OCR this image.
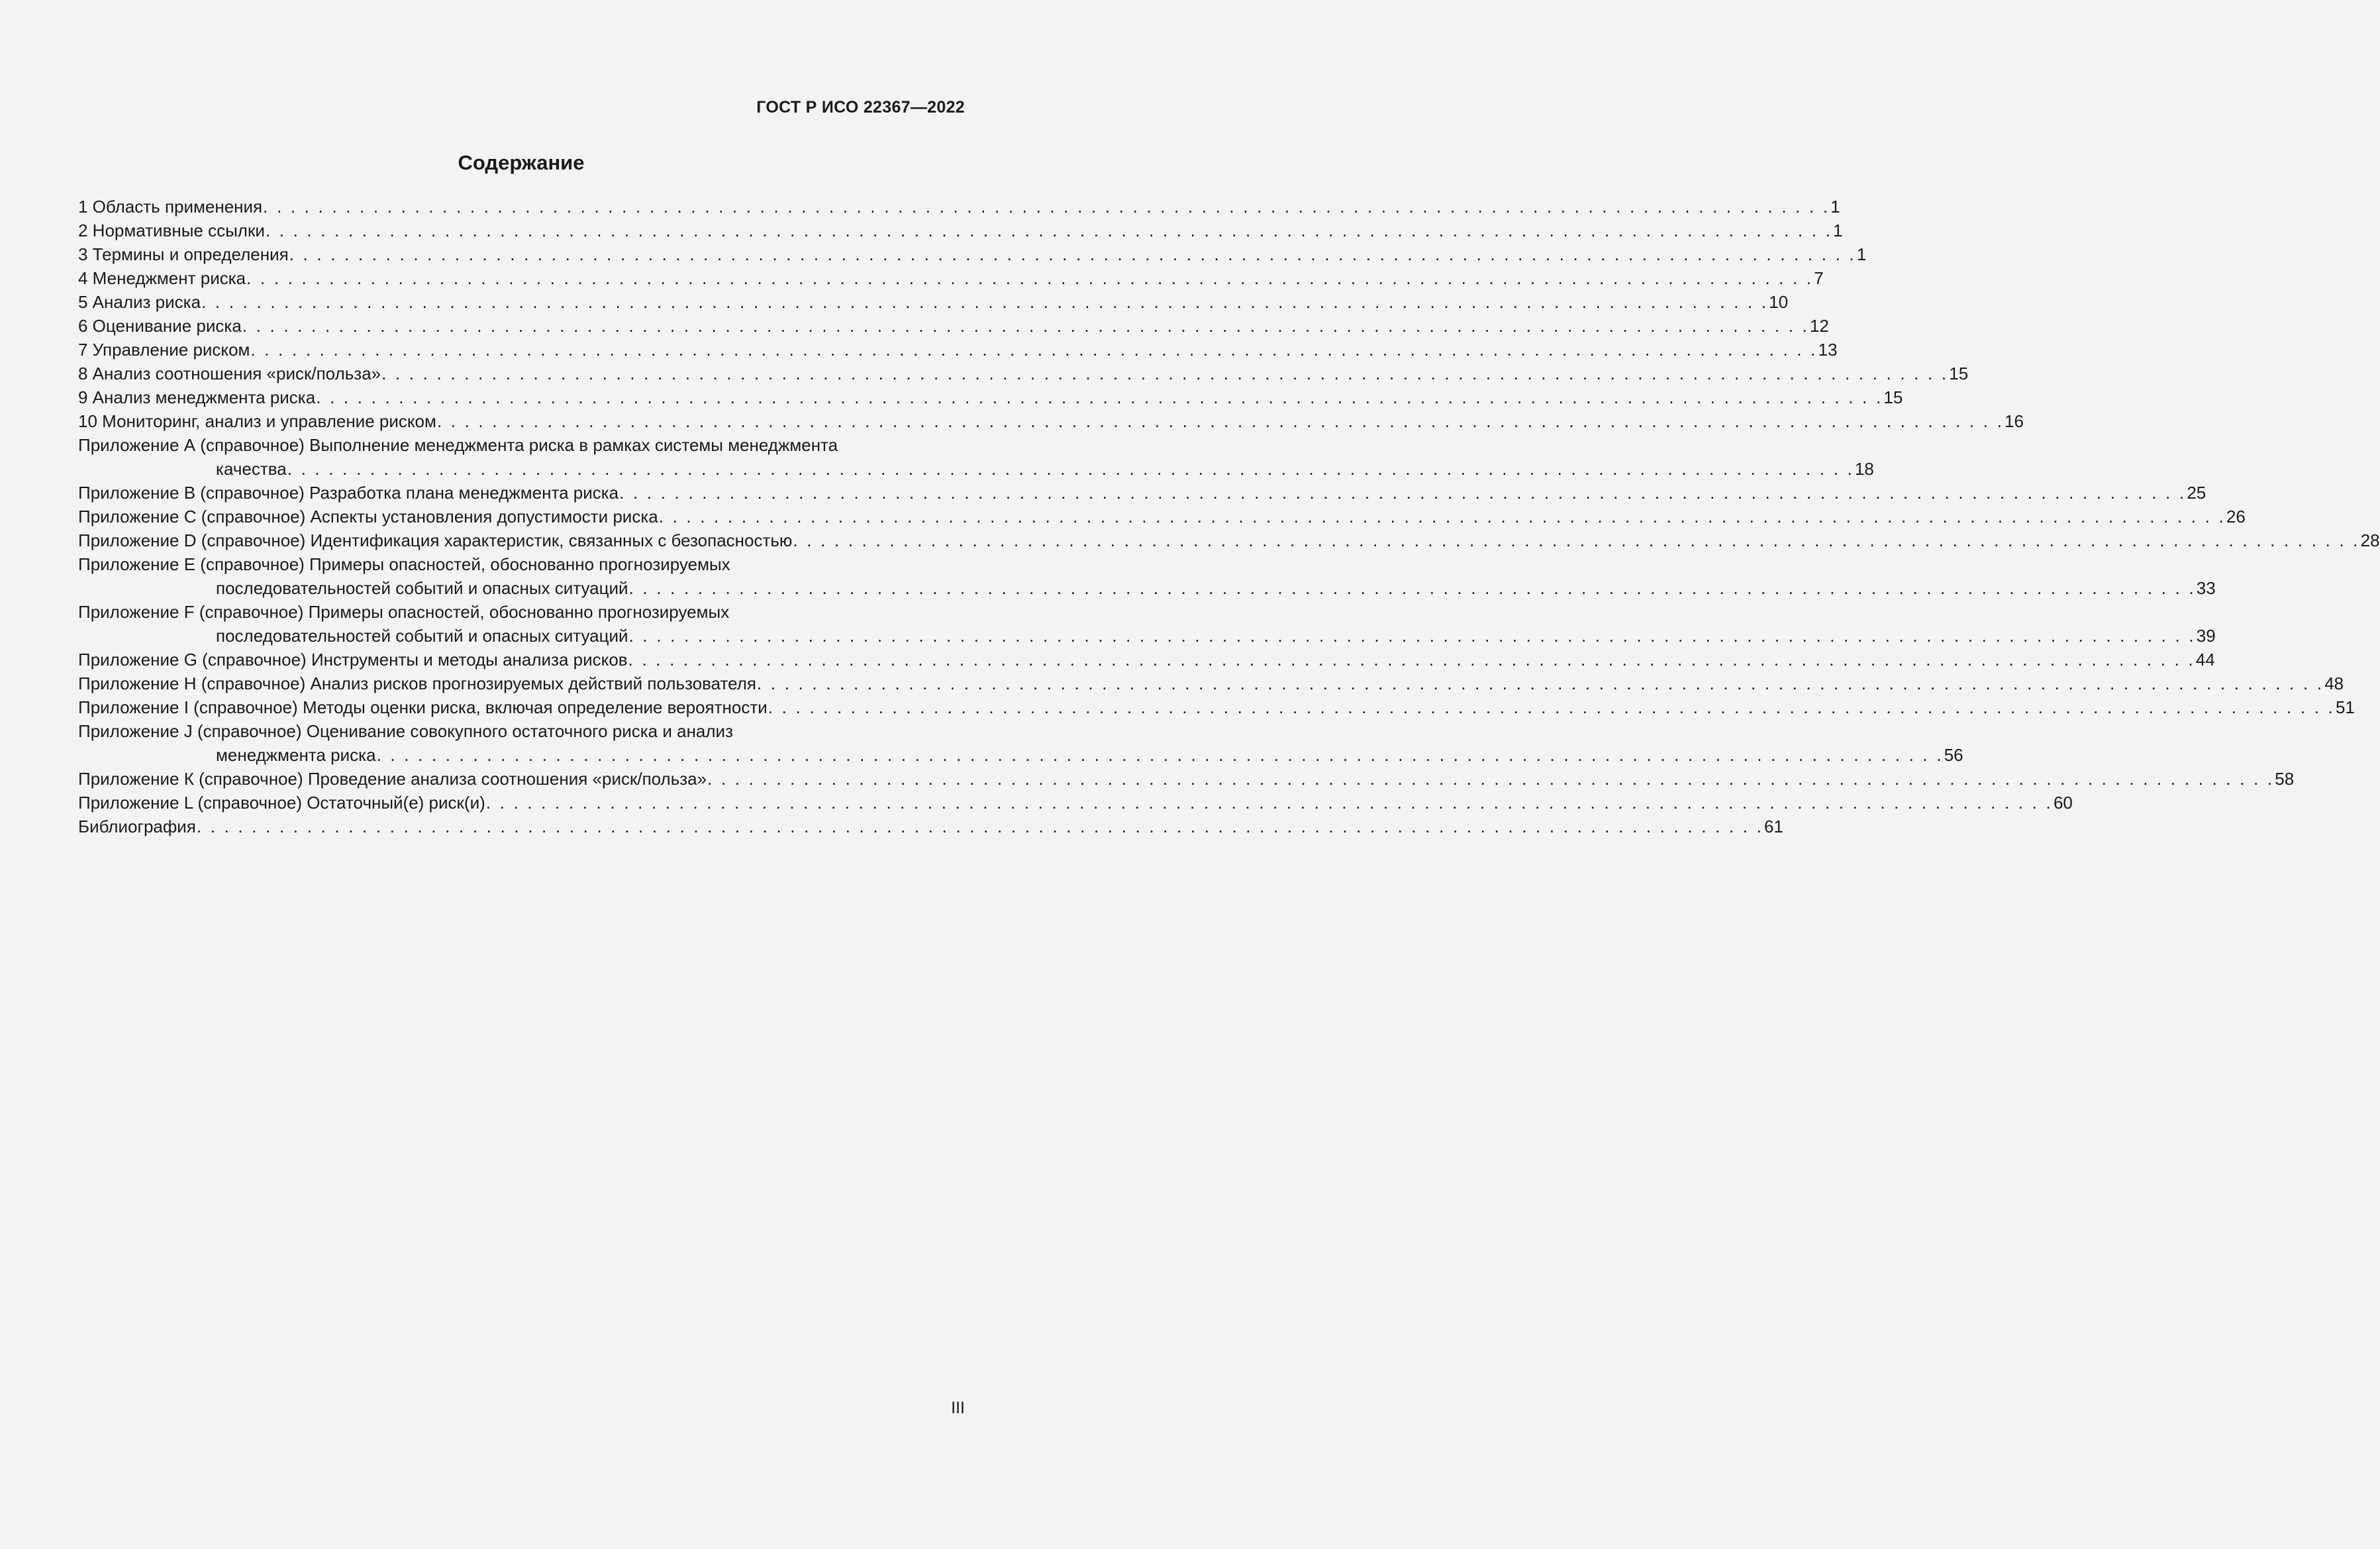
ГОСТ Р ИСО 22367—2022
Содержание
1 Область применения . . . . . . . . . . . . . . . . . . . . . . . . . . . . . . . . . . . . . . . . . . . . . . . . . . . . . . . . . . . . . . . . . . . . . . . . . . . . . . . . . . . . . . . . . . . . . . . . . . . . . . . . . . . . . . . . . . 1
2 Нормативные ссылки . . . . . . . . . . . . . . . . . . . . . . . . . . . . . . . . . . . . . . . . . . . . . . . . . . . . . . . . . . . . . . . . . . . . . . . . . . . . . . . . . . . . . . . . . . . . . . . . . . . . . . . . . . . . . . . . . . 1
3 Термины и определения . . . . . . . . . . . . . . . . . . . . . . . . . . . . . . . . . . . . . . . . . . . . . . . . . . . . . . . . . . . . . . . . . . . . . . . . . . . . . . . . . . . . . . . . . . . . . . . . . . . . . . . . . . . . . . . . . . 1
4 Менеджмент риска . . . . . . . . . . . . . . . . . . . . . . . . . . . . . . . . . . . . . . . . . . . . . . . . . . . . . . . . . . . . . . . . . . . . . . . . . . . . . . . . . . . . . . . . . . . . . . . . . . . . . . . . . . . . . . . . . . 7
5 Анализ риска . . . . . . . . . . . . . . . . . . . . . . . . . . . . . . . . . . . . . . . . . . . . . . . . . . . . . . . . . . . . . . . . . . . . . . . . . . . . . . . . . . . . . . . . . . . . . . . . . . . . . . . . . . . . . . . . . . 10
6 Оценивание риска . . . . . . . . . . . . . . . . . . . . . . . . . . . . . . . . . . . . . . . . . . . . . . . . . . . . . . . . . . . . . . . . . . . . . . . . . . . . . . . . . . . . . . . . . . . . . . . . . . . . . . . . . . . . . . . . . . 12
7 Управление риском . . . . . . . . . . . . . . . . . . . . . . . . . . . . . . . . . . . . . . . . . . . . . . . . . . . . . . . . . . . . . . . . . . . . . . . . . . . . . . . . . . . . . . . . . . . . . . . . . . . . . . . . . . . . . . . . . . 13
8 Анализ соотношения «риск/польза» . . . . . . . . . . . . . . . . . . . . . . . . . . . . . . . . . . . . . . . . . . . . . . . . . . . . . . . . . . . . . . . . . . . . . . . . . . . . . . . . . . . . . . . . . . . . . . . . . . . . . . . . . . . . . . . . . . 15
9 Анализ менеджмента риска . . . . . . . . . . . . . . . . . . . . . . . . . . . . . . . . . . . . . . . . . . . . . . . . . . . . . . . . . . . . . . . . . . . . . . . . . . . . . . . . . . . . . . . . . . . . . . . . . . . . . . . . . . . . . . . . . . 15
10 Мониторинг, анализ и управление риском . . . . . . . . . . . . . . . . . . . . . . . . . . . . . . . . . . . . . . . . . . . . . . . . . . . . . . . . . . . . . . . . . . . . . . . . . . . . . . . . . . . . . . . . . . . . . . . . . . . . . . . . . . . . . . . . . . 16
Приложение А (справочное) Выполнение менеджмента риска в рамках системы менеджмента
качества . . . . . . . . . . . . . . . . . . . . . . . . . . . . . . . . . . . . . . . . . . . . . . . . . . . . . . . . . . . . . . . . . . . . . . . . . . . . . . . . . . . . . . . . . . . . . . . . . . . . . . . . . . . . . . . . . . 18
Приложение В (справочное) Разработка плана менеджмента риска . . . . . . . . . . . . . . . . . . . . . . . . . . . . . . . . . . . . . . . . . . . . . . . . . . . . . . . . . . . . . . . . . . . . . . . . . . . . . . . . . . . . . . . . . . . . . . . . . . . . . . . . . . . . . . . . . . 25
Приложение С (справочное) Аспекты установления допустимости риска . . . . . . . . . . . . . . . . . . . . . . . . . . . . . . . . . . . . . . . . . . . . . . . . . . . . . . . . . . . . . . . . . . . . . . . . . . . . . . . . . . . . . . . . . . . . . . . . . . . . . . . . . . . . . . . . . . 26
Приложение D (справочное) Идентификация характеристик, связанных с безопасностью . . . . . . . . . . . . . . . . . . . . . . . . . . . . . . . . . . . . . . . . . . . . . . . . . . . . . . . . . . . . . . . . . . . . . . . . . . . . . . . . . . . . . . . . . . . . . . . . . . . . . . . . . . . . . . . . . . 28
Приложение E (справочное) Примеры опасностей, обоснованно прогнозируемых
последовательностей событий и опасных ситуаций . . . . . . . . . . . . . . . . . . . . . . . . . . . . . . . . . . . . . . . . . . . . . . . . . . . . . . . . . . . . . . . . . . . . . . . . . . . . . . . . . . . . . . . . . . . . . . . . . . . . . . . . . . . . . . . . . . 33
Приложение F (справочное) Примеры опасностей, обоснованно прогнозируемых
последовательностей событий и опасных ситуаций . . . . . . . . . . . . . . . . . . . . . . . . . . . . . . . . . . . . . . . . . . . . . . . . . . . . . . . . . . . . . . . . . . . . . . . . . . . . . . . . . . . . . . . . . . . . . . . . . . . . . . . . . . . . . . . . . . 39
Приложение G (справочное) Инструменты и методы анализа рисков . . . . . . . . . . . . . . . . . . . . . . . . . . . . . . . . . . . . . . . . . . . . . . . . . . . . . . . . . . . . . . . . . . . . . . . . . . . . . . . . . . . . . . . . . . . . . . . . . . . . . . . . . . . . . . . . . . 44
Приложение H (справочное) Анализ рисков прогнозируемых действий пользователя . . . . . . . . . . . . . . . . . . . . . . . . . . . . . . . . . . . . . . . . . . . . . . . . . . . . . . . . . . . . . . . . . . . . . . . . . . . . . . . . . . . . . . . . . . . . . . . . . . . . . . . . . . . . . . . . . . 48
Приложение I (справочное) Методы оценки риска, включая определение вероятности . . . . . . . . . . . . . . . . . . . . . . . . . . . . . . . . . . . . . . . . . . . . . . . . . . . . . . . . . . . . . . . . . . . . . . . . . . . . . . . . . . . . . . . . . . . . . . . . . . . . . . . . . . . . . . . . . . 51
Приложение J (справочное) Оценивание совокупного остаточного риска и анализ
менеджмента риска . . . . . . . . . . . . . . . . . . . . . . . . . . . . . . . . . . . . . . . . . . . . . . . . . . . . . . . . . . . . . . . . . . . . . . . . . . . . . . . . . . . . . . . . . . . . . . . . . . . . . . . . . . . . . . . . . . 56
Приложение К (справочное) Проведение анализа соотношения «риск/польза» . . . . . . . . . . . . . . . . . . . . . . . . . . . . . . . . . . . . . . . . . . . . . . . . . . . . . . . . . . . . . . . . . . . . . . . . . . . . . . . . . . . . . . . . . . . . . . . . . . . . . . . . . . . . . . . . . . 58
Приложение L (справочное) Остаточный(е) риск(и) . . . . . . . . . . . . . . . . . . . . . . . . . . . . . . . . . . . . . . . . . . . . . . . . . . . . . . . . . . . . . . . . . . . . . . . . . . . . . . . . . . . . . . . . . . . . . . . . . . . . . . . . . . . . . . . . . . 60
Библиография . . . . . . . . . . . . . . . . . . . . . . . . . . . . . . . . . . . . . . . . . . . . . . . . . . . . . . . . . . . . . . . . . . . . . . . . . . . . . . . . . . . . . . . . . . . . . . . . . . . . . . . . . . . . . . . . . . 61
III
